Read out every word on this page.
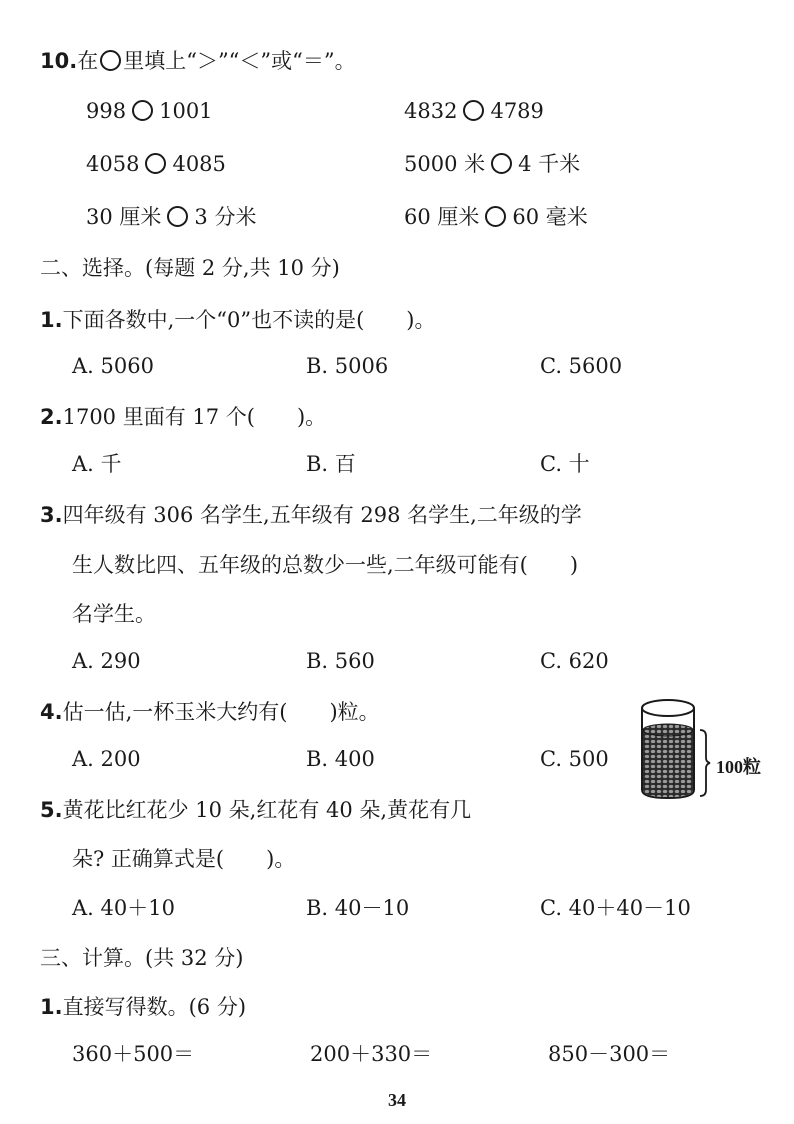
10.在 里填上“＞”“＜”或“＝”。
998 1001	4832 4789
4058 4085	5000 米 4 千米
30 厘米 3 分米	60 厘米 60 毫米
二、选择。(每题 2 分,共 10 分)
1.下面各数中,一个“0”也不读的是(　　)。
A. 5060	B. 5006	C. 5600
2.1700 里面有 17 个(　　)。
A. 千	B. 百	C. 十
3.四年级有 306 名学生,五年级有 298 名学生,二年级的学
生人数比四、五年级的总数少一些,二年级可能有(　　)
名学生。
A. 290	B. 560	C. 620
4.估一估,一杯玉米大约有(　　)粒。
A. 200	B. 400	C. 500	100粒
5.黄花比红花少 10 朵,红花有 40 朵,黄花有几
朵? 正确算式是(　　)。
A. 40＋10	B. 40－10	C. 40＋40－10
三、计算。(共 32 分)
1.直接写得数。(6 分)
360＋500＝	200＋330＝	850－300＝
34
